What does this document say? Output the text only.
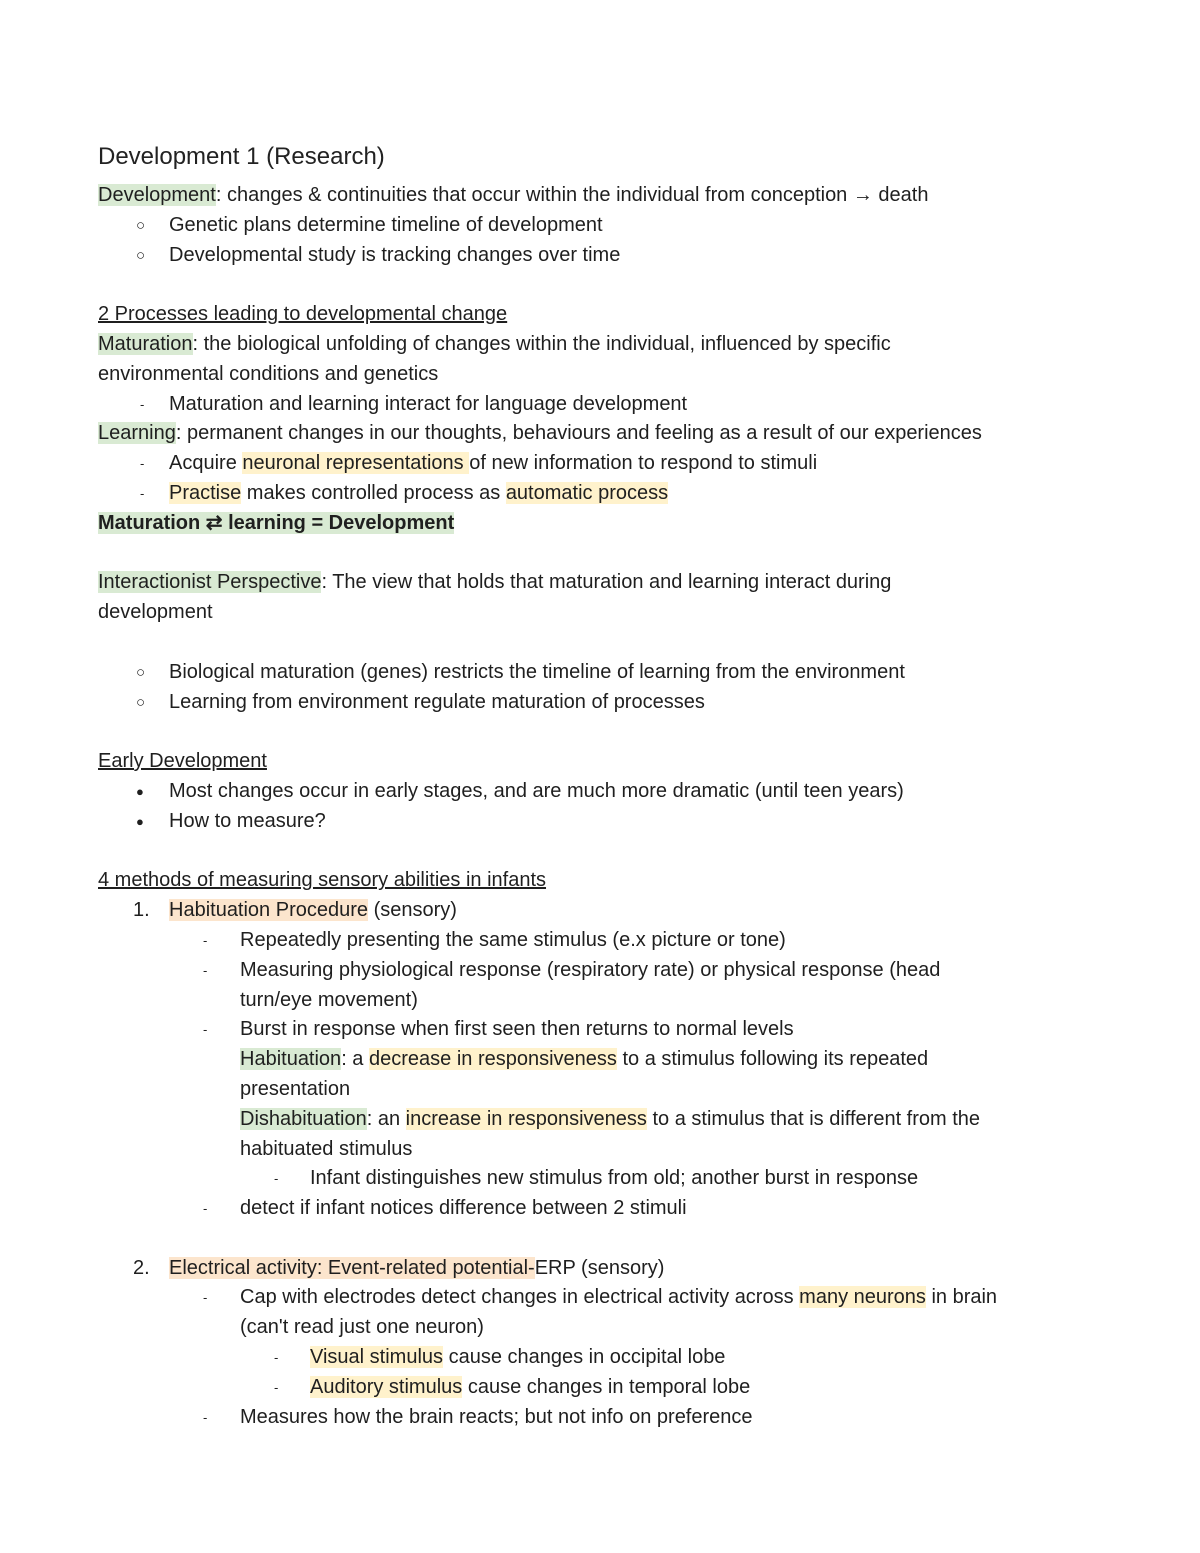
Development 1 (Research)
Development: changes & continuities that occur within the individual from conception → death
○ Genetic plans determine timeline of development
○ Developmental study is tracking changes over time
2 Processes leading to developmental change
Maturation: the biological unfolding of changes within the individual, influenced by specific
environmental conditions and genetics
- Maturation and learning interact for language development
Learning: permanent changes in our thoughts, behaviours and feeling as a result of our experiences
- Acquire neuronal representations of new information to respond to stimuli
- Practise makes controlled process as automatic process
Maturation ⇄ learning = Development
Interactionist Perspective: The view that holds that maturation and learning interact during
development
○ Biological maturation (genes) restricts the timeline of learning from the environment
○ Learning from environment regulate maturation of processes
Early Development
● Most changes occur in early stages, and are much more dramatic (until teen years)
● How to measure?
4 methods of measuring sensory abilities in infants
1. Habituation Procedure (sensory)
- Repeatedly presenting the same stimulus (e.x picture or tone)
- Measuring physiological response (respiratory rate) or physical response (head
turn/eye movement)
- Burst in response when first seen then returns to normal levels
Habituation: a decrease in responsiveness to a stimulus following its repeated
presentation
Dishabituation: an increase in responsiveness to a stimulus that is different from the
habituated stimulus
- Infant distinguishes new stimulus from old; another burst in response
- detect if infant notices difference between 2 stimuli
2. Electrical activity: Event-related potential-ERP (sensory)
- Cap with electrodes detect changes in electrical activity across many neurons in brain
(can't read just one neuron)
- Visual stimulus cause changes in occipital lobe
- Auditory stimulus cause changes in temporal lobe
- Measures how the brain reacts; but not info on preference
